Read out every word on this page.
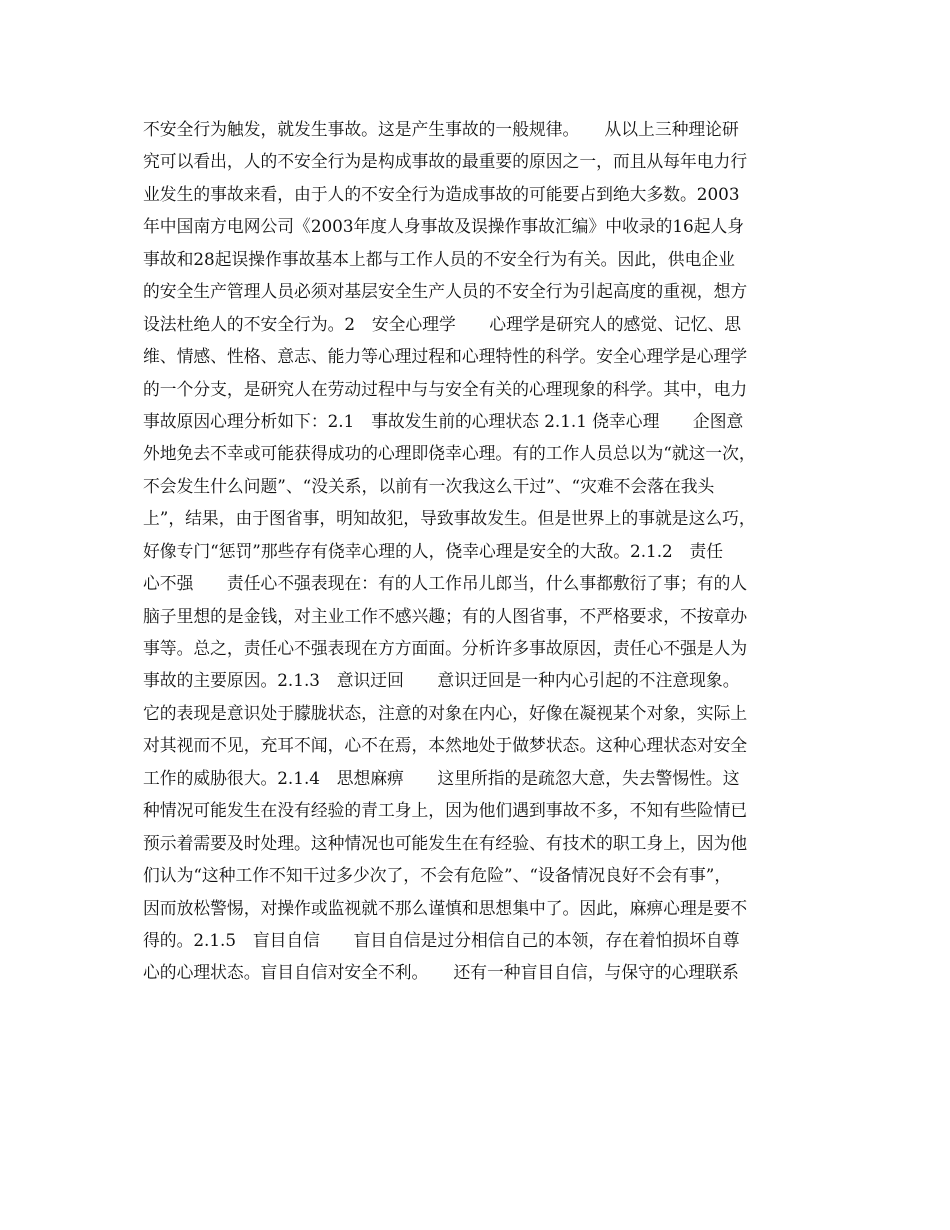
不安全行为触发，就发生事故。这是产生事故的一般规律。　　从以上三种理论研
究可以看出，人的不安全行为是构成事故的最重要的原因之一，而且从每年电力行
业发生的事故来看，由于人的不安全行为造成事故的可能要占到绝大多数。2003
年中国南方电网公司《2003年度人身事故及误操作事故汇编》中收录的16起人身
事故和28起误操作事故基本上都与工作人员的不安全行为有关。因此，供电企业
的安全生产管理人员必须对基层安全生产人员的不安全行为引起高度的重视，想方
设法杜绝人的不安全行为。2　安全心理学　　心理学是研究人的感觉、记忆、思
维、情感、性格、意志、能力等心理过程和心理特性的科学。安全心理学是心理学
的一个分支，是研究人在劳动过程中与与安全有关的心理现象的科学。其中，电力
事故原因心理分析如下：2.1　事故发生前的心理状态 2.1.1 侥幸心理　　企图意
外地免去不幸或可能获得成功的心理即侥幸心理。有的工作人员总以为“就这一次，
不会发生什么问题”、“没关系，以前有一次我这么干过”、“灾难不会落在我头
上”，结果，由于图省事，明知故犯，导致事故发生。但是世界上的事就是这么巧，
好像专门“惩罚”那些存有侥幸心理的人，侥幸心理是安全的大敌。2.1.2　责任
心不强　　责任心不强表现在：有的人工作吊儿郎当，什么事都敷衍了事；有的人
脑子里想的是金钱，对主业工作不感兴趣；有的人图省事，不严格要求，不按章办
事等。总之，责任心不强表现在方方面面。分析许多事故原因，责任心不强是人为
事故的主要原因。2.1.3　意识迂回　　意识迂回是一种内心引起的不注意现象。
它的表现是意识处于朦胧状态，注意的对象在内心，好像在凝视某个对象，实际上
对其视而不见，充耳不闻，心不在焉，本然地处于做梦状态。这种心理状态对安全
工作的威胁很大。2.1.4　思想麻痹　　这里所指的是疏忽大意，失去警惕性。这
种情况可能发生在没有经验的青工身上，因为他们遇到事故不多，不知有些险情已
预示着需要及时处理。这种情况也可能发生在有经验、有技术的职工身上，因为他
们认为“这种工作不知干过多少次了，不会有危险”、“设备情况良好不会有事”，
因而放松警惕，对操作或监视就不那么谨慎和思想集中了。因此，麻痹心理是要不
得的。2.1.5　盲目自信　　盲目自信是过分相信自己的本领，存在着怕损坏自尊
心的心理状态。盲目自信对安全不利。　　还有一种盲目自信，与保守的心理联系
